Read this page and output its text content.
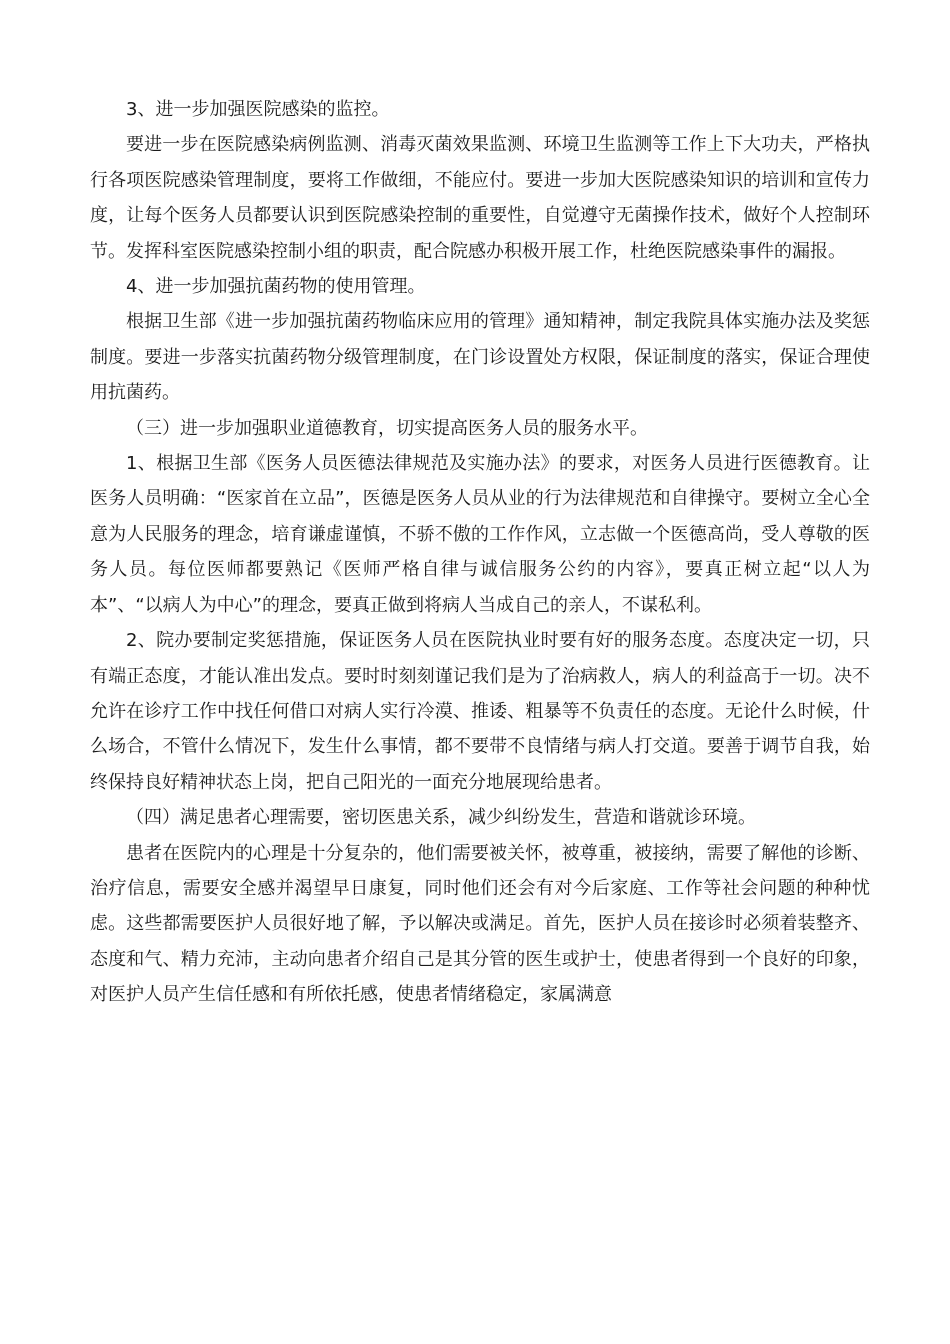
3、进一步加强医院感染的监控。

要进一步在医院感染病例监测、消毒灭菌效果监测、环境卫生监测等工作上下大功夫，严格执行各项医院感染管理制度，要将工作做细，不能应付。要进一步加大医院感染知识的培训和宣传力度，让每个医务人员都要认识到医院感染控制的重要性，自觉遵守无菌操作技术，做好个人控制环节。发挥科室医院感染控制小组的职责，配合院感办积极开展工作，杜绝医院感染事件的漏报。

4、进一步加强抗菌药物的使用管理。

根据卫生部《进一步加强抗菌药物临床应用的管理》通知精神，制定我院具体实施办法及奖惩制度。要进一步落实抗菌药物分级管理制度，在门诊设置处方权限，保证制度的落实，保证合理使用抗菌药。

（三）进一步加强职业道德教育，切实提高医务人员的服务水平。

1、根据卫生部《医务人员医德法律规范及实施办法》的要求，对医务人员进行医德教育。让医务人员明确：“医家首在立品”，医德是医务人员从业的行为法律规范和自律操守。要树立全心全意为人民服务的理念，培育谦虚谨慎，不骄不傲的工作作风，立志做一个医德高尚，受人尊敬的医务人员。每位医师都要熟记《医师严格自律与诚信服务公约的内容》，要真正树立起“以人为本”、“以病人为中心”的理念，要真正做到将病人当成自己的亲人，不谋私利。

2、院办要制定奖惩措施，保证医务人员在医院执业时要有好的服务态度。态度决定一切，只有端正态度，才能认准出发点。要时时刻刻谨记我们是为了治病救人，病人的利益高于一切。决不允许在诊疗工作中找任何借口对病人实行冷漠、推诿、粗暴等不负责任的态度。无论什么时候，什么场合，不管什么情况下，发生什么事情，都不要带不良情绪与病人打交道。要善于调节自我，始终保持良好精神状态上岗，把自己阳光的一面充分地展现给患者。

（四）满足患者心理需要，密切医患关系，减少纠纷发生，营造和谐就诊环境。

患者在医院内的心理是十分复杂的，他们需要被关怀，被尊重，被接纳，需要了解他的诊断、治疗信息，需要安全感并渴望早日康复，同时他们还会有对今后家庭、工作等社会问题的种种忧虑。这些都需要医护人员很好地了解，予以解决或满足。首先，医护人员在接诊时必须着装整齐、态度和气、精力充沛，主动向患者介绍自己是其分管的医生或护士，使患者得到一个良好的印象，对医护人员产生信任感和有所依托感，使患者情绪稳定，家属满意
